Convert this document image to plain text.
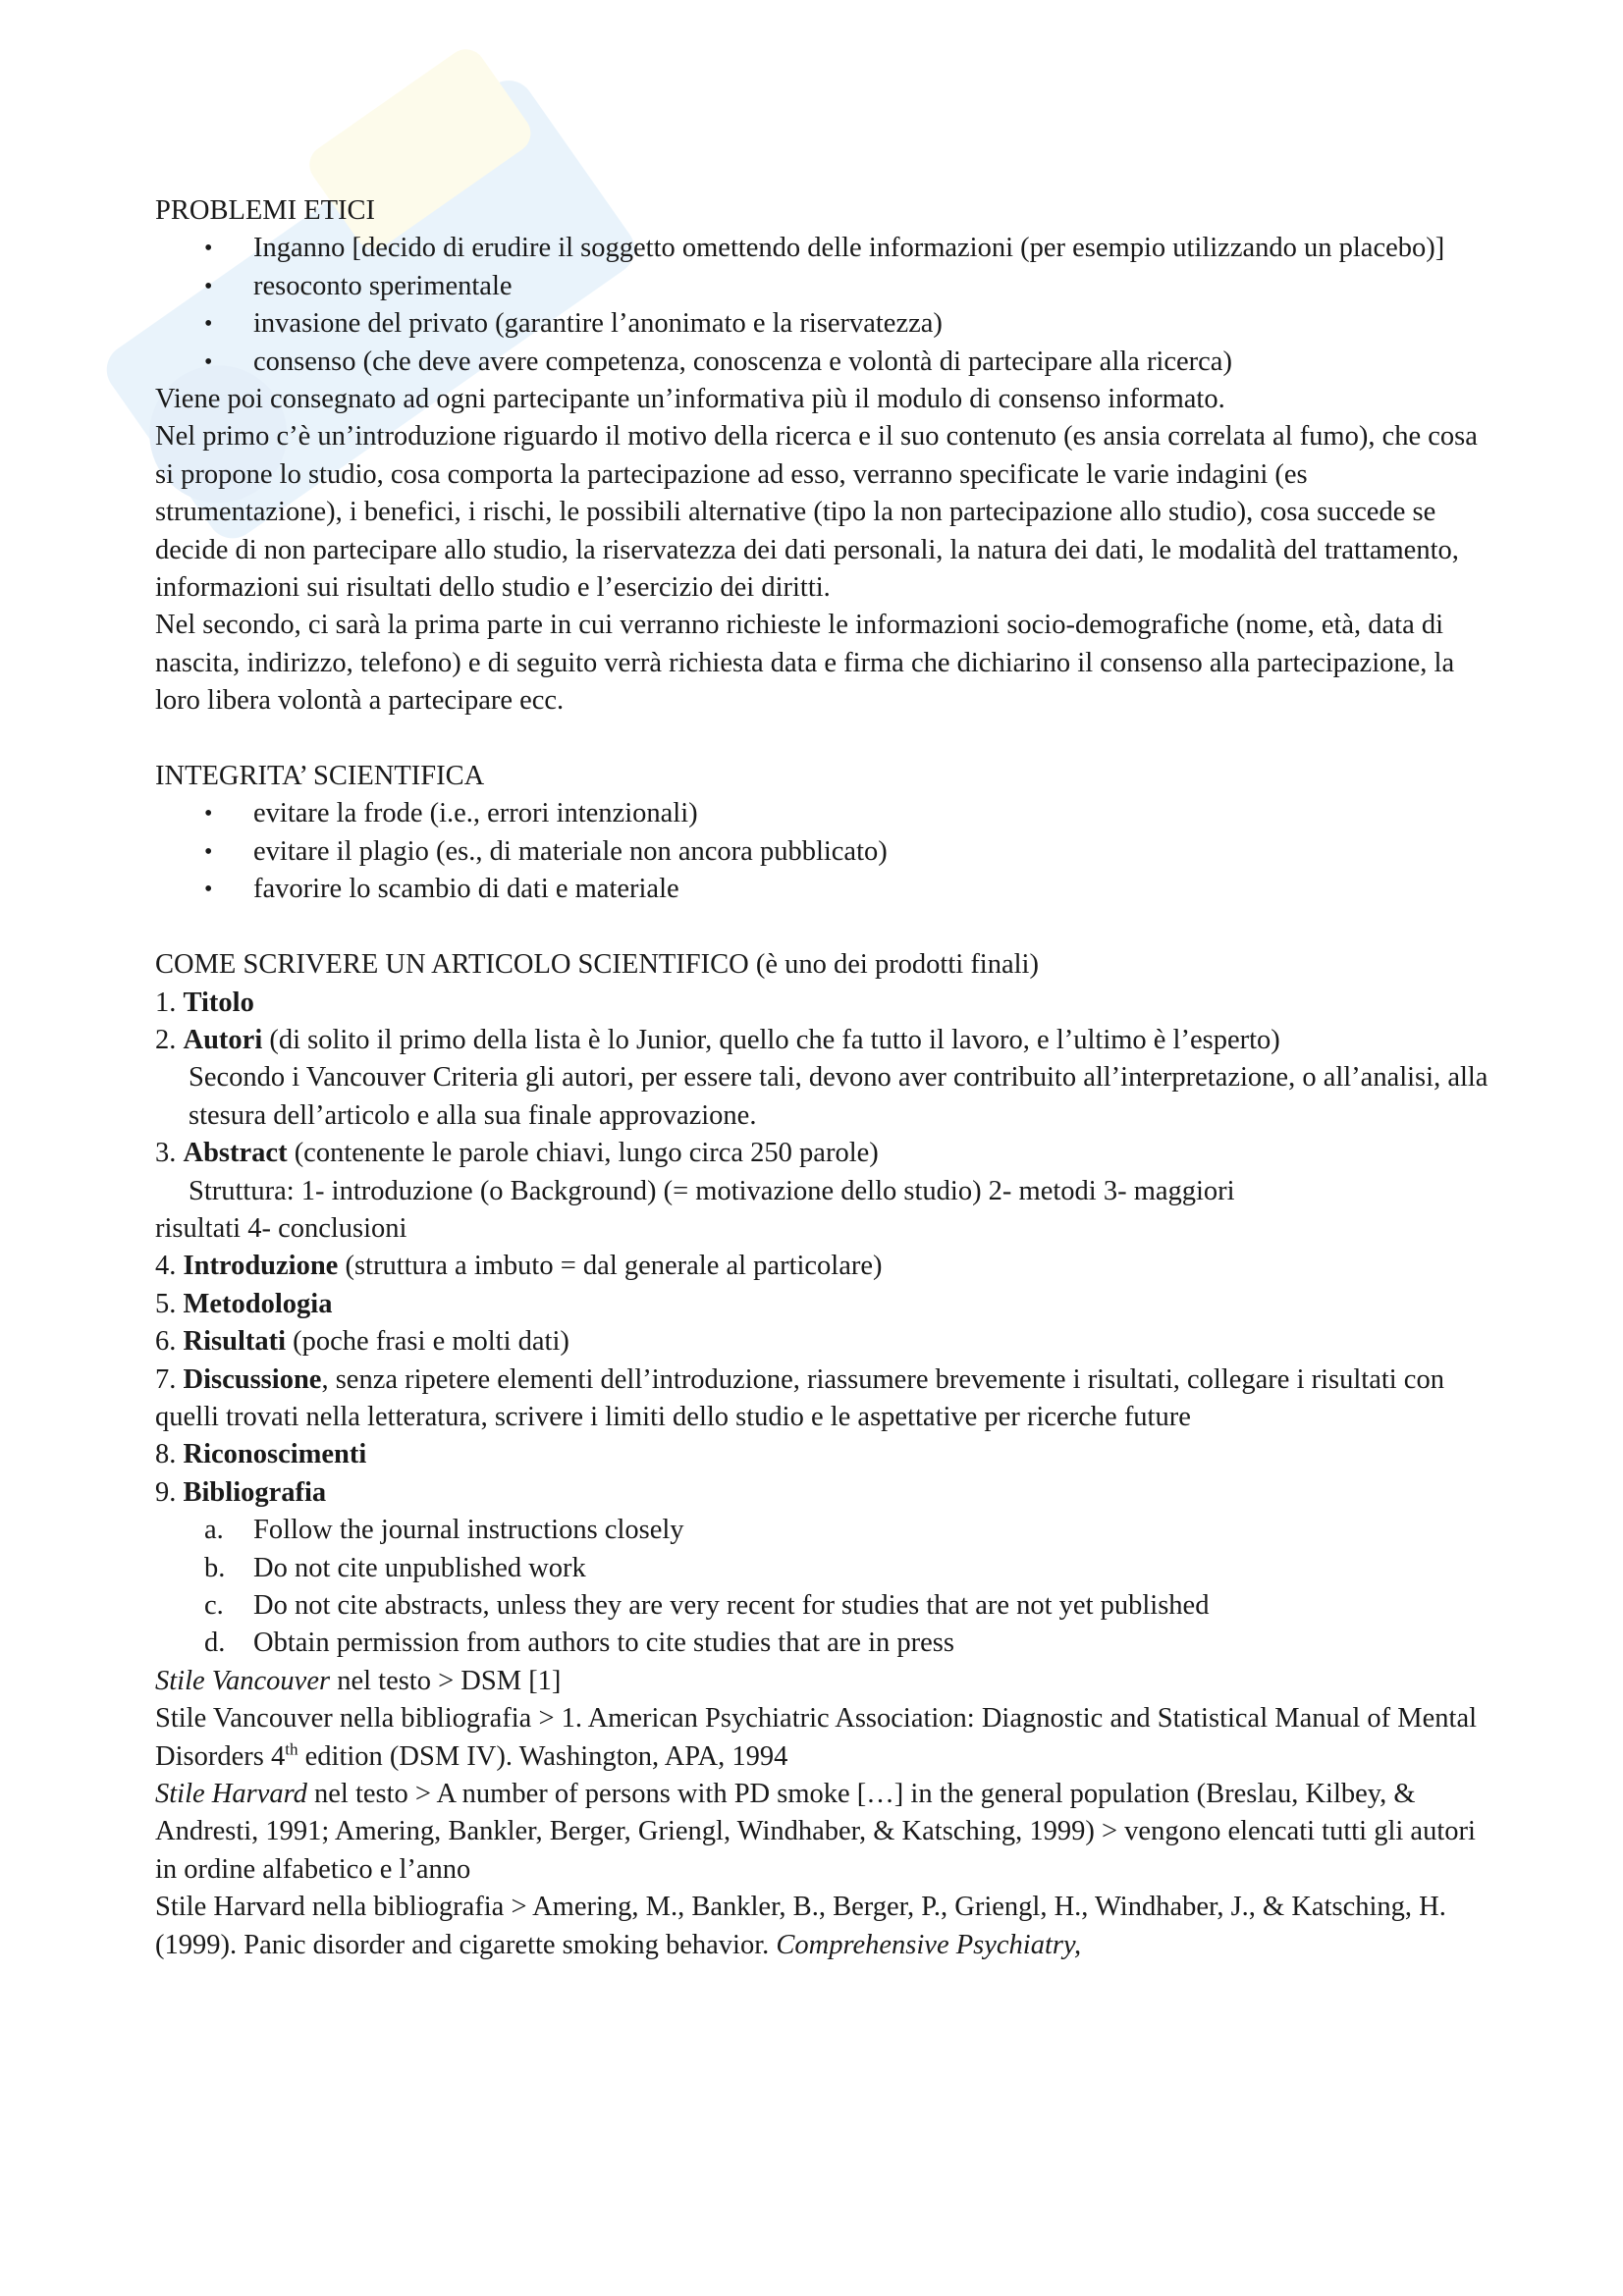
PROBLEMI ETICI

•	Inganno [decido di erudire il soggetto omettendo delle informazioni (per esempio utilizzando un placebo)]
•	resoconto sperimentale
•	invasione del privato (garantire l’anonimato e la riservatezza)
•	consenso (che deve avere competenza, conoscenza e volontà di partecipare alla ricerca)

Viene poi consegnato ad ogni partecipante un’informativa più il modulo di consenso informato.

Nel primo c’è un’introduzione riguardo il motivo della ricerca e il suo contenuto (es ansia correlata al fumo), che cosa si propone lo studio, cosa comporta la partecipazione ad esso, verranno specificate le varie indagini (es strumentazione), i benefici, i rischi, le possibili alternative (tipo la non partecipazione allo studio), cosa succede se decide di non partecipare allo studio, la riservatezza dei dati personali, la natura dei dati, le modalità del trattamento, informazioni sui risultati dello studio e l’esercizio dei diritti.

Nel secondo, ci sarà la prima parte in cui verranno richieste le informazioni socio-demografiche (nome, età, data di nascita, indirizzo, telefono) e di seguito verrà richiesta data e firma che dichiarino il consenso alla partecipazione, la loro libera volontà a partecipare ecc.

INTEGRITA’ SCIENTIFICA

•	evitare la frode (i.e., errori intenzionali)
•	evitare il plagio (es., di materiale non ancora pubblicato)
•	favorire lo scambio di dati e materiale

COME SCRIVERE UN ARTICOLO SCIENTIFICO (è uno dei prodotti finali)

1. Titolo

2. Autori (di solito il primo della lista è lo Junior, quello che fa tutto il lavoro, e l’ultimo è l’esperto)

Secondo i Vancouver Criteria gli autori, per essere tali, devono aver contribuito all’interpretazione, o all’analisi, alla stesura dell’articolo e alla sua finale approvazione.

3. Abstract (contenente le parole chiavi, lungo circa 250 parole)

Struttura: 1- introduzione (o Background) (= motivazione dello studio) 2- metodi 3- maggiori

risultati 4- conclusioni

4. Introduzione (struttura a imbuto = dal generale al particolare)

5. Metodologia

6. Risultati (poche frasi e molti dati)

7. Discussione, senza ripetere elementi dell’introduzione, riassumere brevemente i risultati, collegare i risultati con quelli trovati nella letteratura, scrivere i limiti dello studio e le aspettative per ricerche future

8. Riconoscimenti

9. Bibliografia

a.	Follow the journal instructions closely
b.	Do not cite unpublished work
c.	Do not cite abstracts, unless they are very recent for studies that are not yet published
d.	Obtain permission from authors to cite studies that are in press

Stile Vancouver nel testo > DSM [1]

Stile Vancouver nella bibliografia > 1. American Psychiatric Association: Diagnostic and Statistical Manual of Mental Disorders 4th edition (DSM IV). Washington, APA, 1994

Stile Harvard nel testo > A number of persons with PD smoke […] in the general population (Breslau, Kilbey, & Andresti, 1991; Amering, Bankler, Berger, Griengl, Windhaber, & Katsching, 1999) > vengono elencati tutti gli autori in ordine alfabetico e l’anno

Stile Harvard nella bibliografia > Amering, M., Bankler, B., Berger, P., Griengl, H., Windhaber, J., & Katsching, H. (1999). Panic disorder and cigarette smoking behavior. Comprehensive Psychiatry,
